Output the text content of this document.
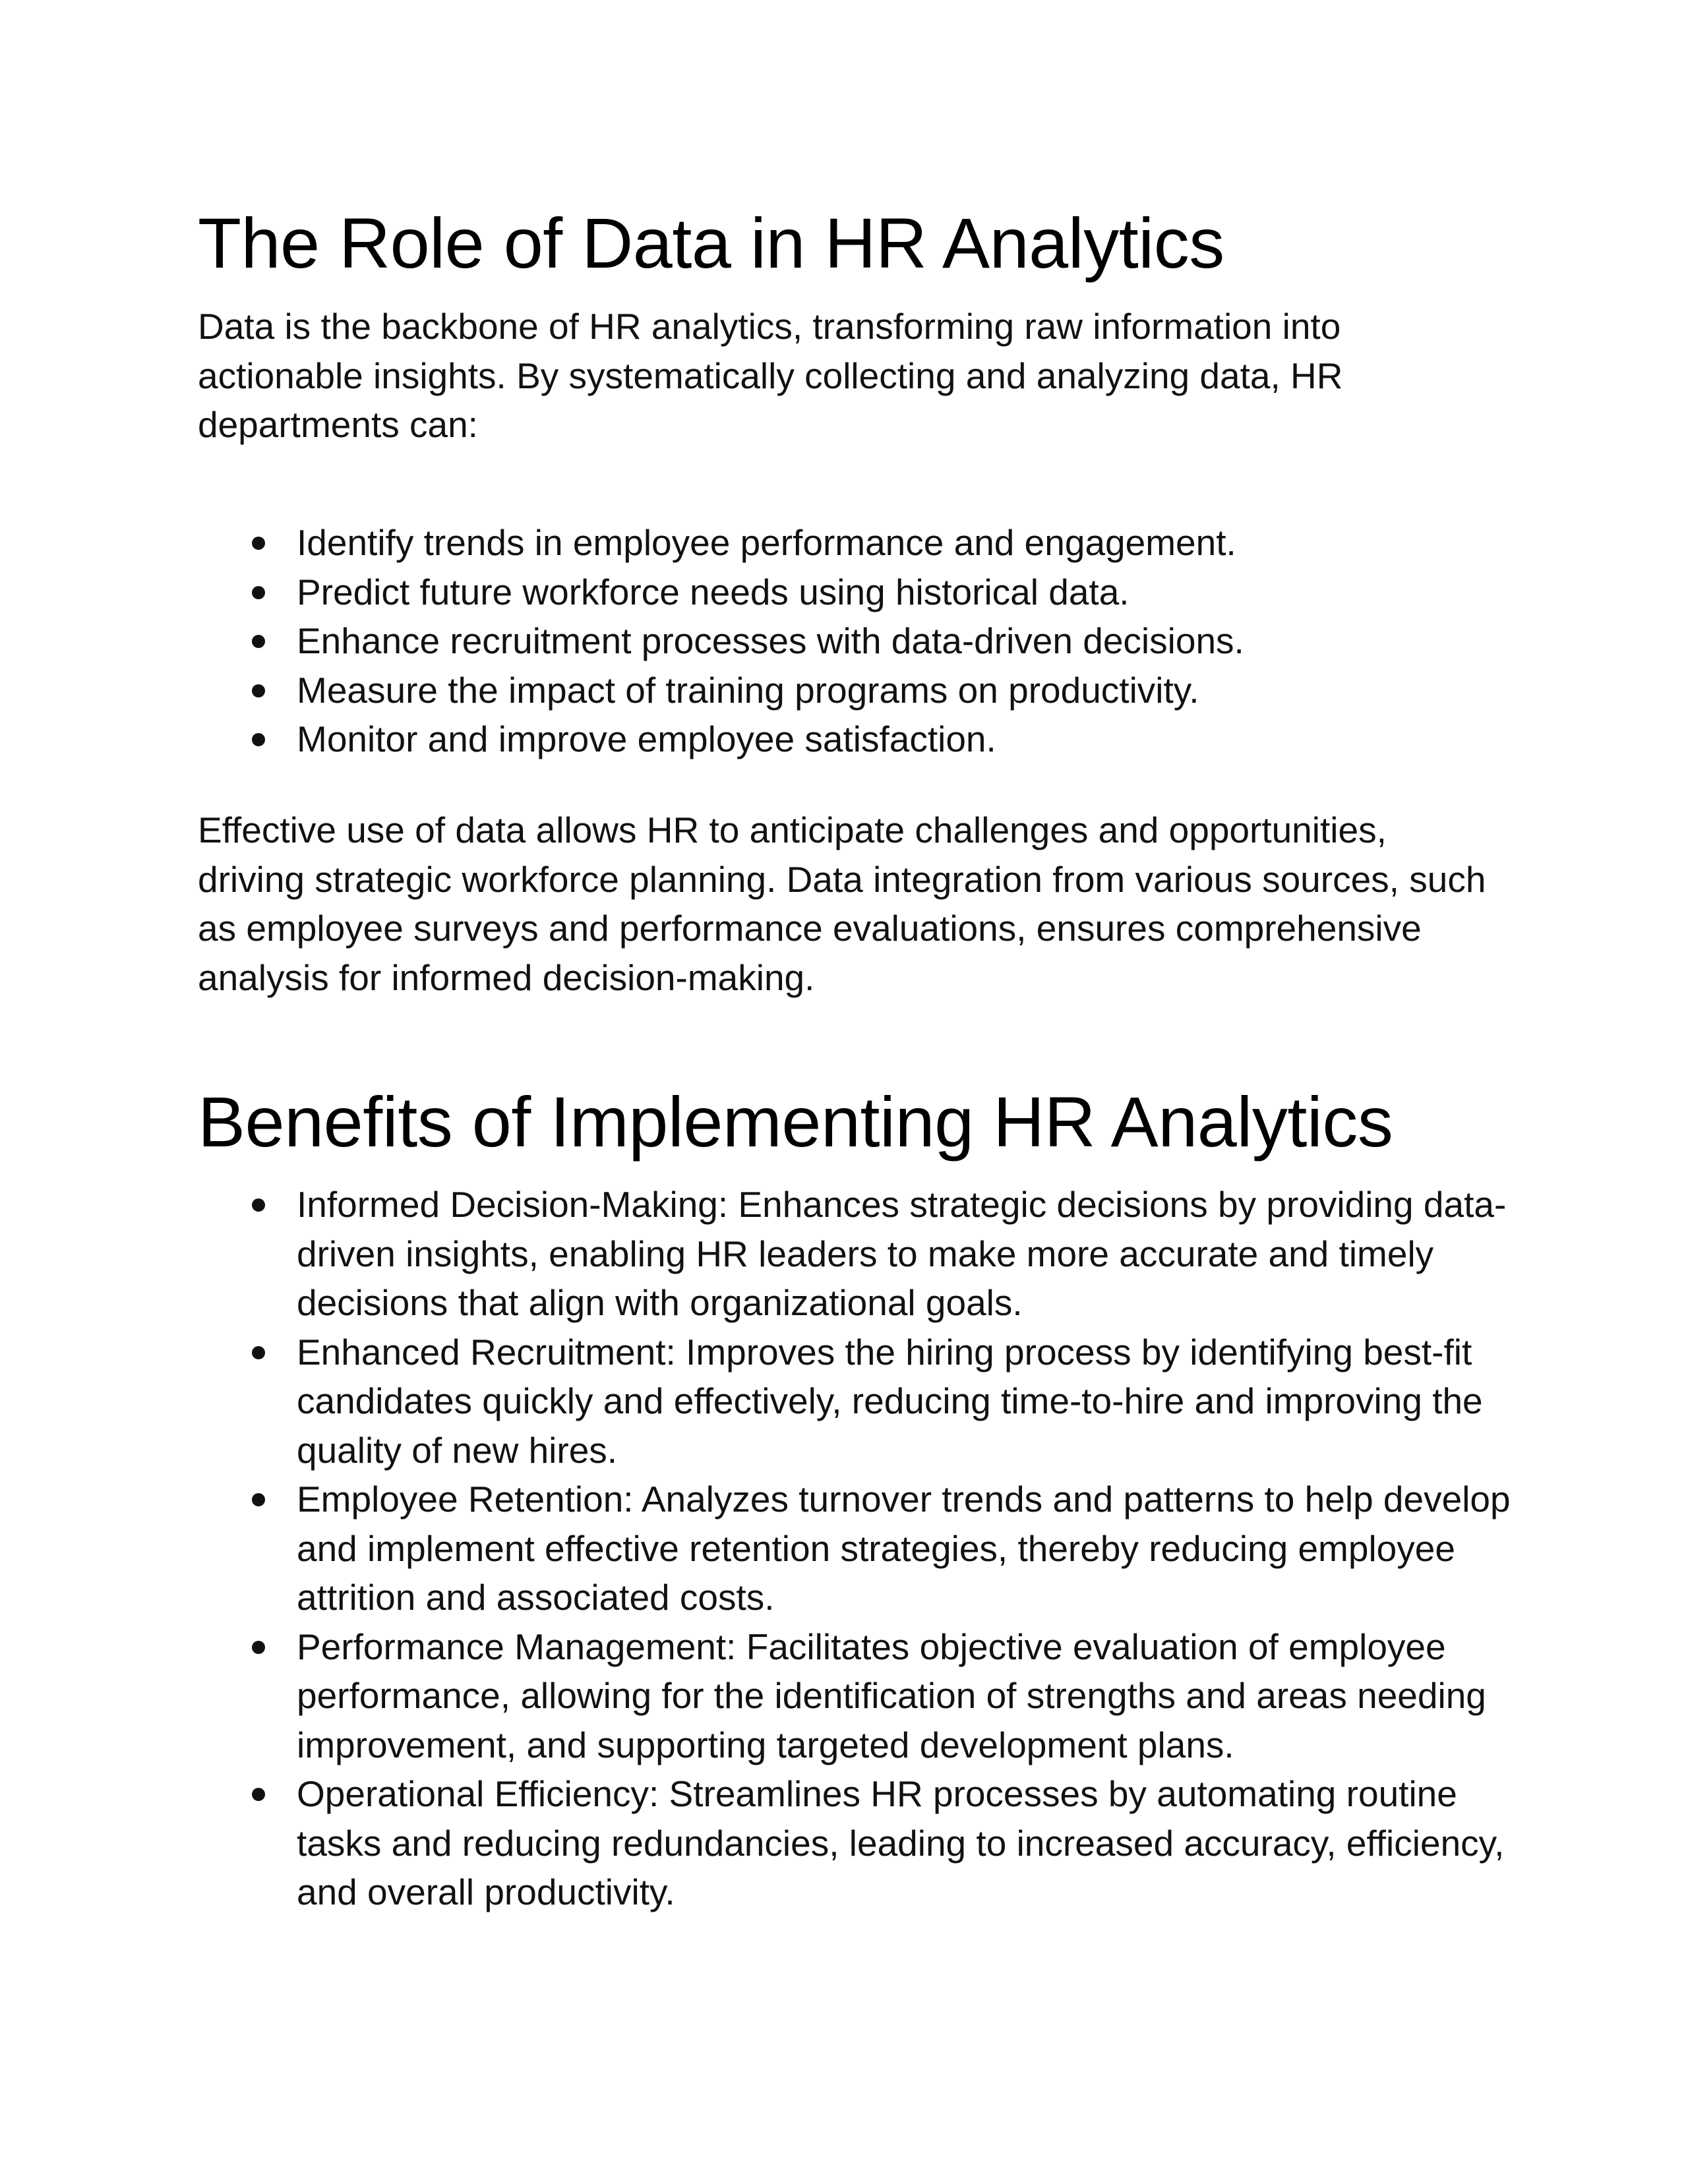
The Role of Data in HR Analytics

Data is the backbone of HR analytics, transforming raw information into actionable insights. By systematically collecting and analyzing data, HR departments can:

Identify trends in employee performance and engagement.
Predict future workforce needs using historical data.
Enhance recruitment processes with data-driven decisions.
Measure the impact of training programs on productivity.
Monitor and improve employee satisfaction.

Effective use of data allows HR to anticipate challenges and opportunities, driving strategic workforce planning. Data integration from various sources, such as employee surveys and performance evaluations, ensures comprehensive analysis for informed decision-making.

Benefits of Implementing HR Analytics
Informed Decision-Making: Enhances strategic decisions by providing data-driven insights, enabling HR leaders to make more accurate and timely decisions that align with organizational goals.
Enhanced Recruitment: Improves the hiring process by identifying best-fit candidates quickly and effectively, reducing time-to-hire and improving the quality of new hires.
Employee Retention: Analyzes turnover trends and patterns to help develop and implement effective retention strategies, thereby reducing employee attrition and associated costs.
Performance Management: Facilitates objective evaluation of employee performance, allowing for the identification of strengths and areas needing improvement, and supporting targeted development plans.
Operational Efficiency: Streamlines HR processes by automating routine tasks and reducing redundancies, leading to increased accuracy, efficiency, and overall productivity.
